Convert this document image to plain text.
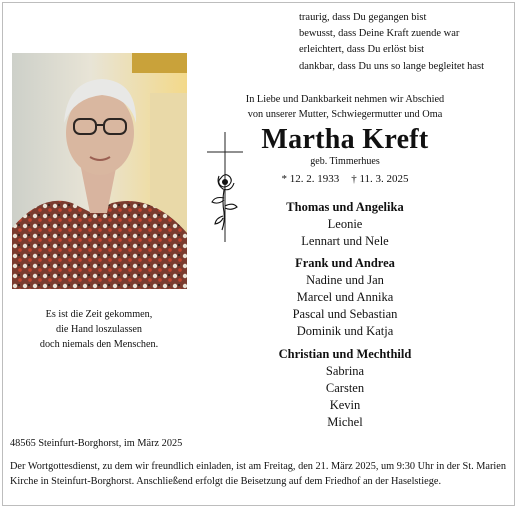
traurig, dass Du gegangen bist
bewusst, dass Deine Kraft zuende war
erleichtert, dass Du erlöst bist
dankbar, dass Du uns so lange begleitet hast
Es ist die Zeit gekommen,
die Hand loszulassen
doch niemals den Menschen.
In Liebe und Dankbarkeit nehmen wir Abschied
von unserer Mutter, Schwiegermutter und Oma
Martha Kreft
geb. Timmerhues
* 12. 2. 1933 † 11. 3. 2025
Thomas und Angelika
Leonie
Lennart und Nele
Frank und Andrea
Nadine und Jan
Marcel und Annika
Pascal und Sebastian
Dominik und Katja
Christian und Mechthild
Sabrina
Carsten
Kevin
Michel
48565 Steinfurt-Borghorst, im März 2025
Der Wortgottesdienst, zu dem wir freundlich einladen, ist am Freitag, den 21. März 2025, um 9:30 Uhr in der St. Marien Kirche in Steinfurt-Borghorst. Anschließend erfolgt die Beisetzung auf dem Friedhof an der Haselstiege.
